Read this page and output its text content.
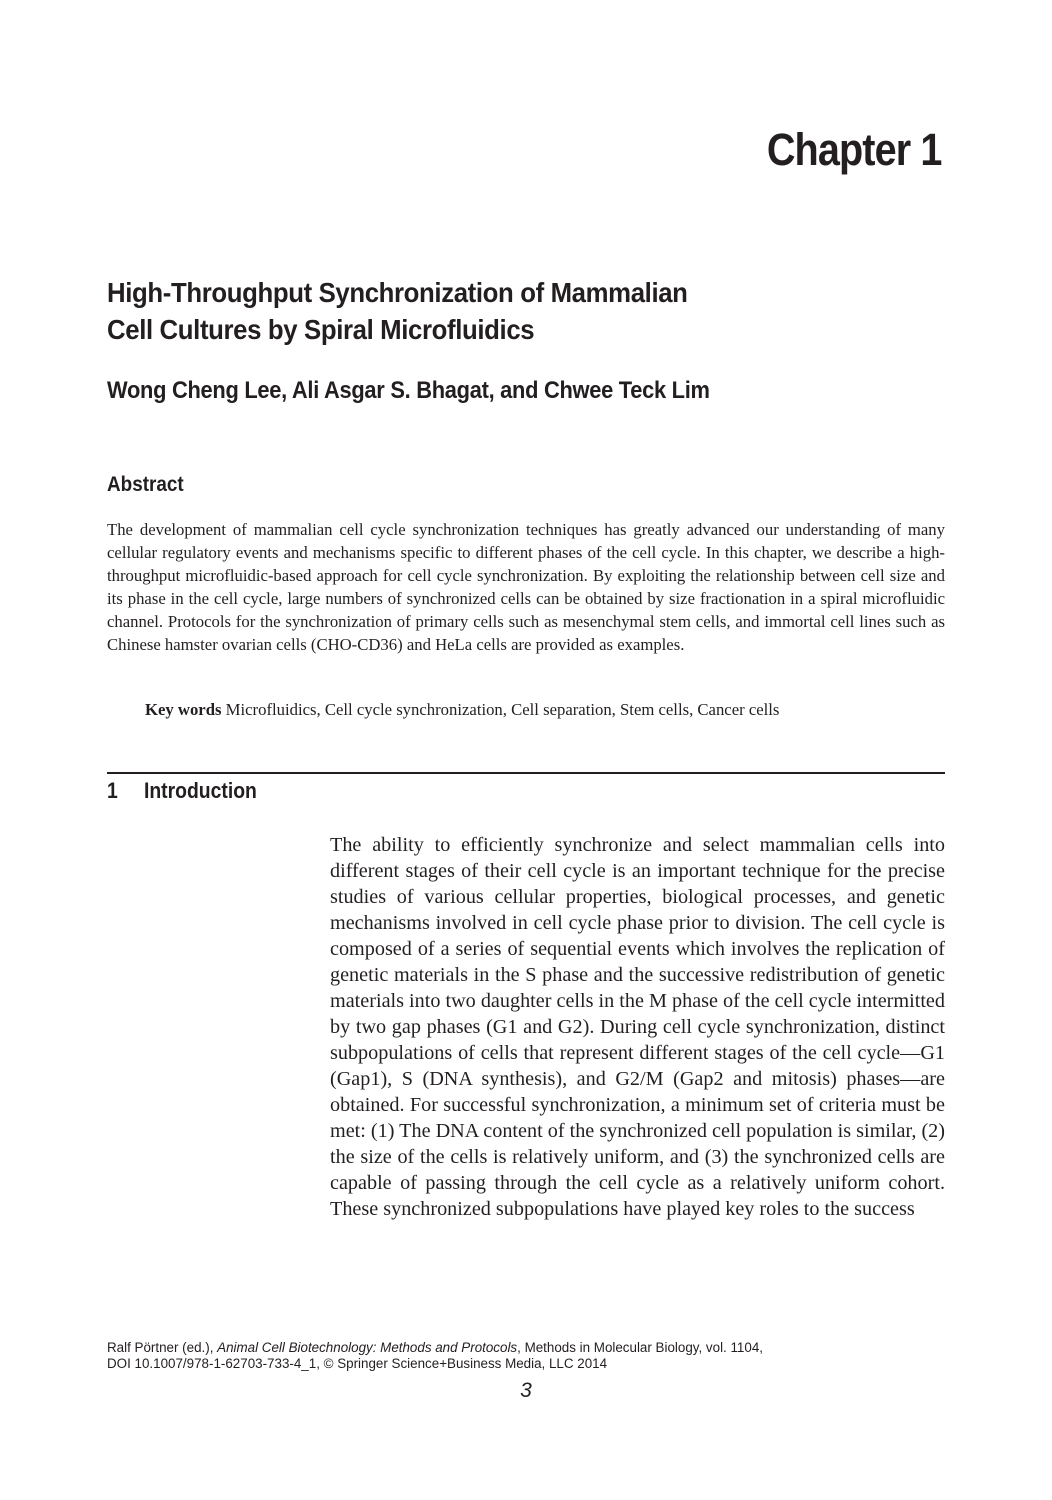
Chapter 1
High-Throughput Synchronization of Mammalian
Cell Cultures by Spiral Microfluidics
Wong Cheng Lee, Ali Asgar S. Bhagat, and Chwee Teck Lim
Abstract

The development of mammalian cell cycle synchronization techniques has greatly advanced our understanding of many cellular regulatory events and mechanisms specific to different phases of the cell cycle. In this chapter, we describe a high-throughput microfluidic-based approach for cell cycle synchronization. By exploiting the relationship between cell size and its phase in the cell cycle, large numbers of synchronized cells can be obtained by size fractionation in a spiral microfluidic channel. Protocols for the synchronization of primary cells such as mesenchymal stem cells, and immortal cell lines such as Chinese hamster ovarian cells (CHO-CD36) and HeLa cells are provided as examples.

Key words Microfluidics, Cell cycle synchronization, Cell separation, Stem cells, Cancer cells

1 Introduction

The ability to efficiently synchronize and select mammalian cells into different stages of their cell cycle is an important technique for the precise studies of various cellular properties, biological processes, and genetic mechanisms involved in cell cycle phase prior to division. The cell cycle is composed of a series of sequential events which involves the replication of genetic materials in the S phase and the successive redistribution of genetic materials into two daughter cells in the M phase of the cell cycle intermitted by two gap phases (G1 and G2). During cell cycle synchronization, distinct subpopulations of cells that represent different stages of the cell cycle—G1 (Gap1), S (DNA synthesis), and G2/M (Gap2 and mitosis) phases—are obtained. For successful synchronization, a minimum set of criteria must be met: (1) The DNA content of the synchronized cell population is similar, (2) the size of the cells is relatively uniform, and (3) the synchronized cells are capable of passing through the cell cycle as a relatively uniform cohort. These synchronized subpopulations have played key roles to the success

Ralf Pörtner (ed.), Animal Cell Biotechnology: Methods and Protocols, Methods in Molecular Biology, vol. 1104,
DOI 10.1007/978-1-62703-733-4_1, © Springer Science+Business Media, LLC 2014
3
